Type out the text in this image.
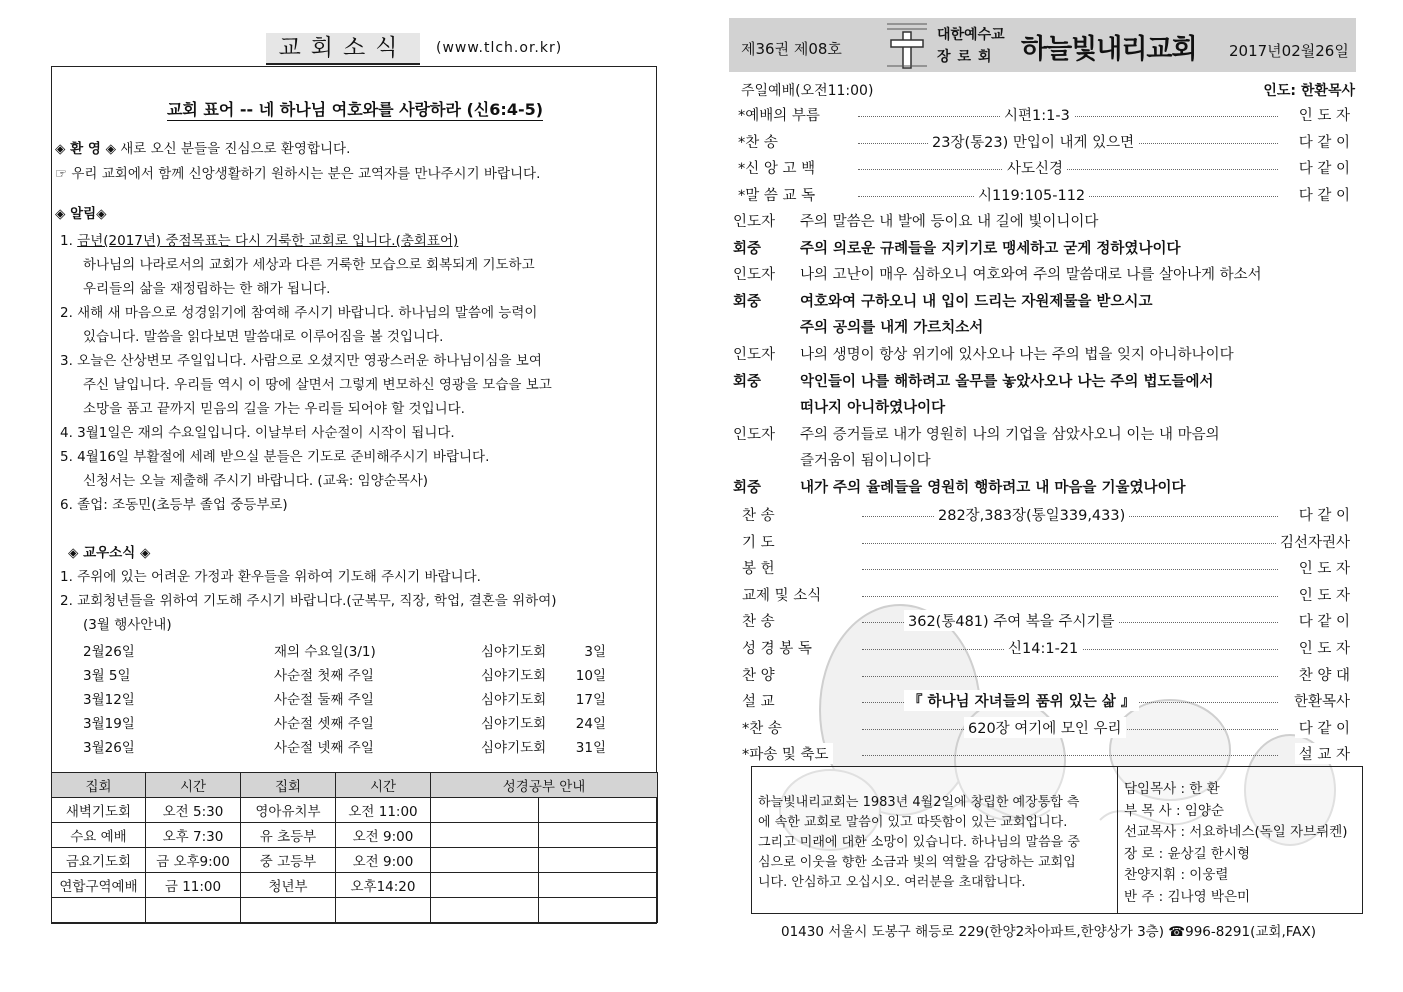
교회소식	(www.tlch.or.kr)
교회 표어 -- 네 하나님 여호와를 사랑하라 (신6:4-5)
◈ 환 영 ◈ 새로 오신 분들을 진심으로 환영합니다.
☞ 우리 교회에서 함께 신앙생활하기 원하시는 분은 교역자를 만나주시기 바랍니다.
◈ 알림◈
1. 금년(2017년) 중점목표는 다시 거룩한 교회로 입니다.(총회표어)
하나님의 나라로서의 교회가 세상과 다른 거룩한 모습으로 회복되게 기도하고
우리들의 삶을 재정립하는 한 해가 됩니다.
2. 새해 새 마음으로 성경읽기에 참여해 주시기 바랍니다. 하나님의 말씀에 능력이
있습니다. 말씀을 읽다보면 말씀대로 이루어짐을 볼 것입니다.
3. 오늘은 산상변모 주일입니다. 사람으로 오셨지만 영광스러운 하나님이심을 보여
주신 날입니다. 우리들 역시 이 땅에 살면서 그렇게 변모하신 영광을 모습을 보고
소망을 품고 끝까지 믿음의 길을 가는 우리들 되어야 할 것입니다.
4. 3월1일은 재의 수요일입니다. 이날부터 사순절이 시작이 됩니다.
5. 4월16일 부활절에 세례 받으실 분들은 기도로 준비해주시기 바랍니다.
신청서는 오늘 제출해 주시기 바랍니다. (교육: 임양순목사)
6. 졸업: 조동민(초등부 졸업 중등부로)
◈ 교우소식 ◈
1. 주위에 있는 어려운 가정과 환우들을 위하여 기도해 주시기 바랍니다.
2. 교회청년들을 위하여 기도해 주시기 바랍니다.(군복무, 직장, 학업, 결혼을 위하여)
(3월 행사안내)
2월26일	재의 수요일(3/1)	심야기도회	3일
3월 5일	사순절 첫째 주일	심야기도회 10일
3월12일	사순절 둘째 주일	심야기도회 17일
3월19일	사순절 셋째 주일	심야기도회 24일
3월26일	사순절 넷째 주일	심야기도회 31일
집회	시간	집회	시간	성경공부 안내	
새벽기도회	오전 5:30	영아유치부	오전 11:00		
수요 예배	오후 7:30	유 초등부	오전 9:00		
금요기도회	금 오후9:00	중 고등부	오전 9:00		
연합구역예배	금 11:00	청년부	오후14:20		

제36권 제08호
대한예수교
장로회 하늘빛내리교회 2017년02월26일
주일예배(오전11:00)	인도: 한환목사
*예배의 부름	시편1:1-3	인 도 자
*찬 송	23장(통23) 만입이 내게 있으면	다 같 이
*신 앙 고 백	사도신경	다 같 이
*말 씀 교 독	시119:105-112	다 같 이
인도자 주의 말씀은 내 발에 등이요 내 길에 빛이니이다
회중	주의 의로운 규례들을 지키기로 맹세하고 굳게 정하였나이다
인도자 나의 고난이 매우 심하오니 여호와여 주의 말씀대로 나를 살아나게 하소서
회중	여호와여 구하오니 내 입이 드리는 자원제물을 받으시고
주의 공의를 내게 가르치소서
인도자 나의 생명이 항상 위기에 있사오나 나는 주의 법을 잊지 아니하나이다
회중	악인들이 나를 해하려고 올무를 놓았사오나 나는 주의 법도들에서
떠나지 아니하였나이다
인도자 주의 증거들로 내가 영원히 나의 기업을 삼았사오니 이는 내 마음의
즐거움이 됨이니이다
회중	내가 주의 율례들을 영원히 행하려고 내 마음을 기울였나이다
찬 송	282장,383장(통일339,433)	다 같 이
기 도	김선자권사
봉 헌	인 도 자
교제 및 소식	인 도 자
찬 송	362(통481) 주여 복을 주시기를	다 같 이
성 경 봉 독	신14:1-21	인 도 자
찬 양	찬 양 대
설 교	『 하나님 자녀들의 품위 있는 삶 』	한환목사
*찬 송	620장 여기에 모인 우리	다 같 이
*파송 및 축도	설 교 자
하늘빛내리교회는 1983년 4월2일에 창립한 예장통합 측
에 속한 교회로 말씀이 있고 따뜻함이 있는 교회입니다.
그리고 미래에 대한 소망이 있습니다. 하나님의 말씀을 중
심으로 이웃을 향한 소금과 빛의 역할을 감당하는 교회입
니다. 안심하고 오십시오. 여러분을 초대합니다.
담임목사 : 한 환
부 목 사 : 임양순
선교목사 : 서요하네스(독일 자브뤼켄)
장 로 : 윤상길 한시형
찬양지휘 : 이웅렬
반 주 : 김나영 박은미
01430 서울시 도봉구 해등로 229(한양2차아파트,한양상가 3층) ☎996-8291(교회,FAX)
